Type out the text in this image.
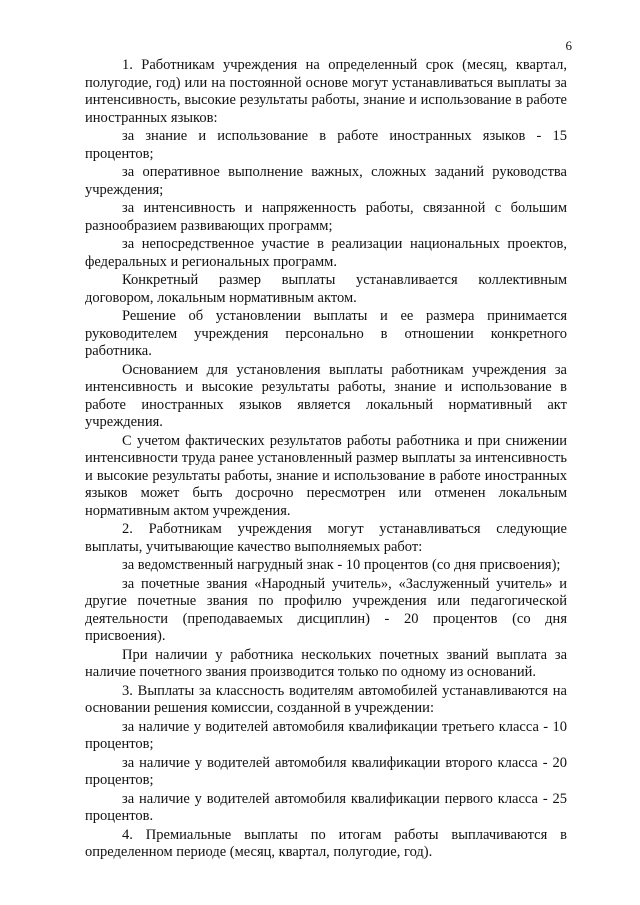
6

1. Работникам учреждения на определенный срок (месяц, квартал, полугодие, год) или на постоянной основе могут устанавливаться выплаты за интенсивность, высокие результаты работы, знание и использование в работе иностранных языков:

за знание и использование в работе иностранных языков - 15 процентов;

за оперативное выполнение важных, сложных заданий руководства учреждения;

за интенсивность и напряженность работы, связанной с большим разнообразием развивающих программ;

за непосредственное участие в реализации национальных проектов, федеральных и региональных программ.

Конкретный размер выплаты устанавливается коллективным договором, локальным нормативным актом.

Решение об установлении выплаты и ее размера принимается руководителем учреждения персонально в отношении конкретного работника.

Основанием для установления выплаты работникам учреждения за интенсивность и высокие результаты работы, знание и использование в работе иностранных языков является локальный нормативный акт учреждения.

С учетом фактических результатов работы работника и при снижении интенсивности труда ранее установленный размер выплаты за интенсивность и высокие результаты работы, знание и использование в работе иностранных языков может быть досрочно пересмотрен или отменен локальным нормативным актом учреждения.

2. Работникам учреждения могут устанавливаться следующие выплаты, учитывающие качество выполняемых работ:

за ведомственный нагрудный знак - 10 процентов (со дня присвоения);

за почетные звания «Народный учитель», «Заслуженный учитель» и другие почетные звания по профилю учреждения или педагогической деятельности (преподаваемых дисциплин) - 20 процентов (со дня присвоения).

При наличии у работника нескольких почетных званий выплата за наличие почетного звания производится только по одному из оснований.

3. Выплаты за классность водителям автомобилей устанавливаются на основании решения комиссии, созданной в учреждении:

за наличие у водителей автомобиля квалификации третьего класса - 10 процентов;

за наличие у водителей автомобиля квалификации второго класса - 20 процентов;

за наличие у водителей автомобиля квалификации первого класса - 25 процентов.

4. Премиальные выплаты по итогам работы выплачиваются в определенном периоде (месяц, квартал, полугодие, год).
